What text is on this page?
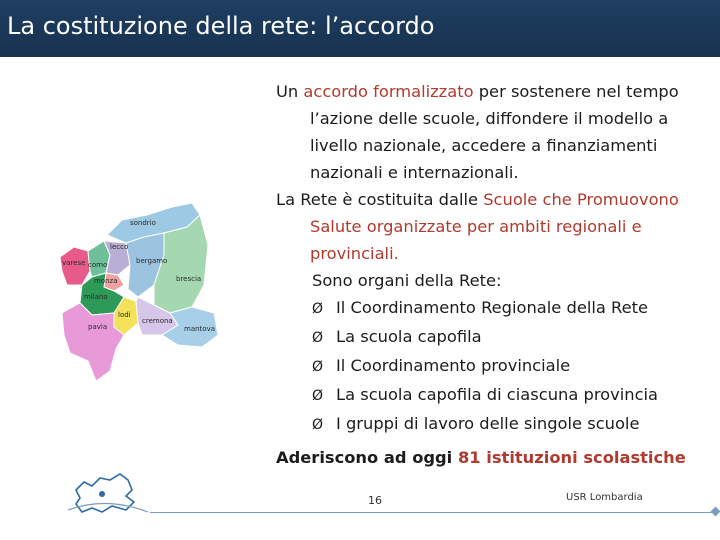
La costituzione della rete: l’accordo
sondrio
lecco
varese como	bergamo
monza	brescia
milano
lodi
cremona
pavia	mantova

Un accordo formalizzato per sostenere nel tempo l’azione delle scuole, diffondere il modello a livello nazionale, accedere a finanziamenti nazionali e internazionali.

La Rete è costituita dalle Scuole che Promuovono Salute organizzate per ambiti regionali e provinciali.

Sono organi della Rete:

Ø Il Coordinamento Regionale della Rete
Ø La scuola capofila
Ø Il Coordinamento provinciale
Ø La scuola capofila di ciascuna provincia
Ø I gruppi di lavoro delle singole scuole
Aderiscono ad oggi 81 istituzioni scolastiche
16	USR Lombardia
